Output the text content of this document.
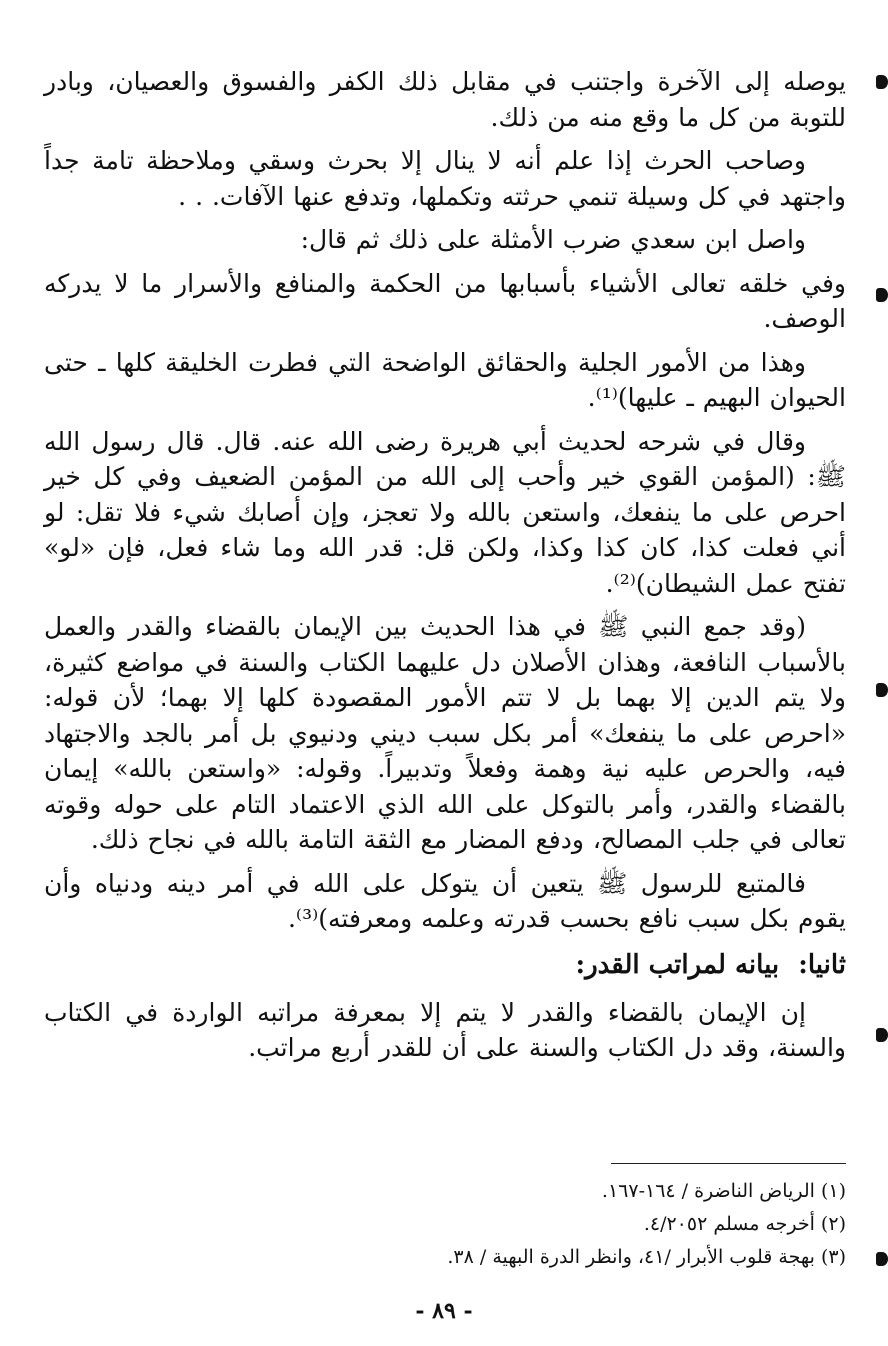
يوصله إلى الآخرة واجتنب في مقابل ذلك الكفر والفسوق والعصيان، وبادر للتوبة من كل ما وقع منه من ذلك.

وصاحب الحرث إذا علم أنه لا ينال إلا بحرث وسقي وملاحظة تامة جداً واجتهد في كل وسيلة تنمي حرثته وتكملها، وتدفع عنها الآفات. . .

واصل ابن سعدي ضرب الأمثلة على ذلك ثم قال:

وفي خلقه تعالى الأشياء بأسبابها من الحكمة والمنافع والأسرار ما لا يدركه الوصف.

وهذا من الأمور الجلية والحقائق الواضحة التي فطرت الخليقة كلها ـ حتى الحيوان البهيم ـ عليها)⁽¹⁾.

وقال في شرحه لحديث أبي هريرة رضى الله عنه. قال. قال رسول الله ﷺ: (المؤمن القوي خير وأحب إلى الله من المؤمن الضعيف وفي كل خير احرص على ما ينفعك، واستعن بالله ولا تعجز، وإن أصابك شيء فلا تقل: لو أني فعلت كذا، كان كذا وكذا، ولكن قل: قدر الله وما شاء فعل، فإن «لو» تفتح عمل الشيطان)⁽²⁾.

(وقد جمع النبي ﷺ في هذا الحديث بين الإيمان بالقضاء والقدر والعمل بالأسباب النافعة، وهذان الأصلان دل عليهما الكتاب والسنة في مواضع كثيرة، ولا يتم الدين إلا بهما بل لا تتم الأمور المقصودة كلها إلا بهما؛ لأن قوله: «احرص على ما ينفعك» أمر بكل سبب ديني ودنيوي بل أمر بالجد والاجتهاد فيه، والحرص عليه نية وهمة وفعلاً وتدبيراً. وقوله: «واستعن بالله» إيمان بالقضاء والقدر، وأمر بالتوكل على الله الذي الاعتماد التام على حوله وقوته تعالى في جلب المصالح، ودفع المضار مع الثقة التامة بالله في نجاح ذلك.

فالمتبع للرسول ﷺ يتعين أن يتوكل على الله في أمر دينه ودنياه وأن يقوم بكل سبب نافع بحسب قدرته وعلمه ومعرفته)⁽³⁾.

ثانيا: بيانه لمراتب القدر:

إن الإيمان بالقضاء والقدر لا يتم إلا بمعرفة مراتبه الواردة في الكتاب والسنة، وقد دل الكتاب والسنة على أن للقدر أربع مراتب.

(١) الرياض الناضرة / ١٦٤-١٦٧.
(٢) أخرجه مسلم ٤/٢٠٥٢.
(٣) بهجة قلوب الأبرار /٤١، وانظر الدرة البهية / ٣٨.
- ٨٩ -
